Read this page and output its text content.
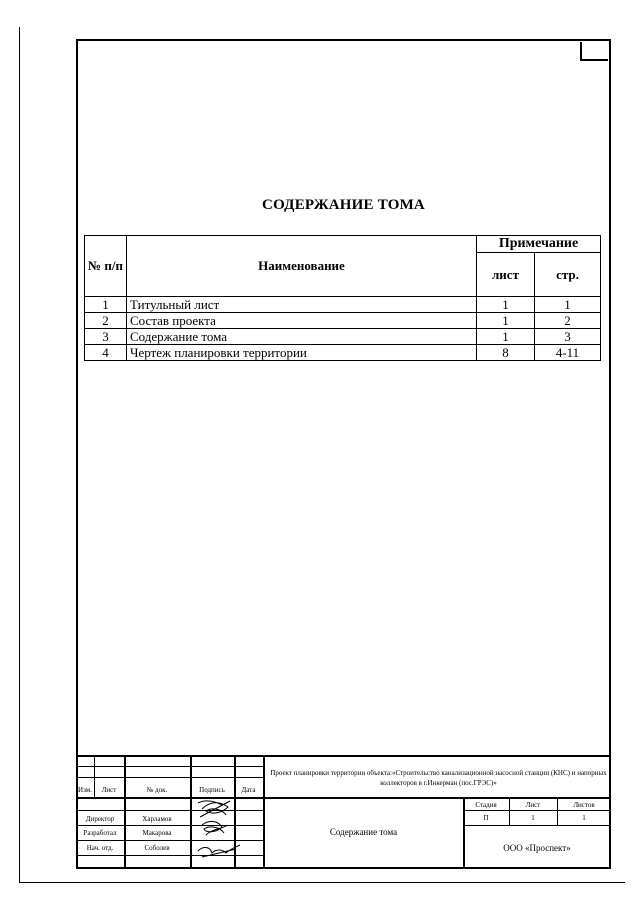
СОДЕРЖАНИЕ ТОМА
№ п/п	Наименование	Примечание	
		лист	стр.
1	Титульный лист	1	1
2	Состав проекта	1	2
3	Содержание тома	1	3
4	Чертеж планировки территории	8	4-11
Изм.	Лист	№ док.	Подпись	Дата
Проект планировки территории объекта:«Строительство канализационной насосной станции (КНС) и напорных коллекторов в г.Инкерман (пос.ГРЭС)»
Директор	Харламов
Разработал	Макарова
Нач. отд.	Соболев
Содержание тома
Стадия	Лист	Листов
П	1	1
ООО «Проспект»
